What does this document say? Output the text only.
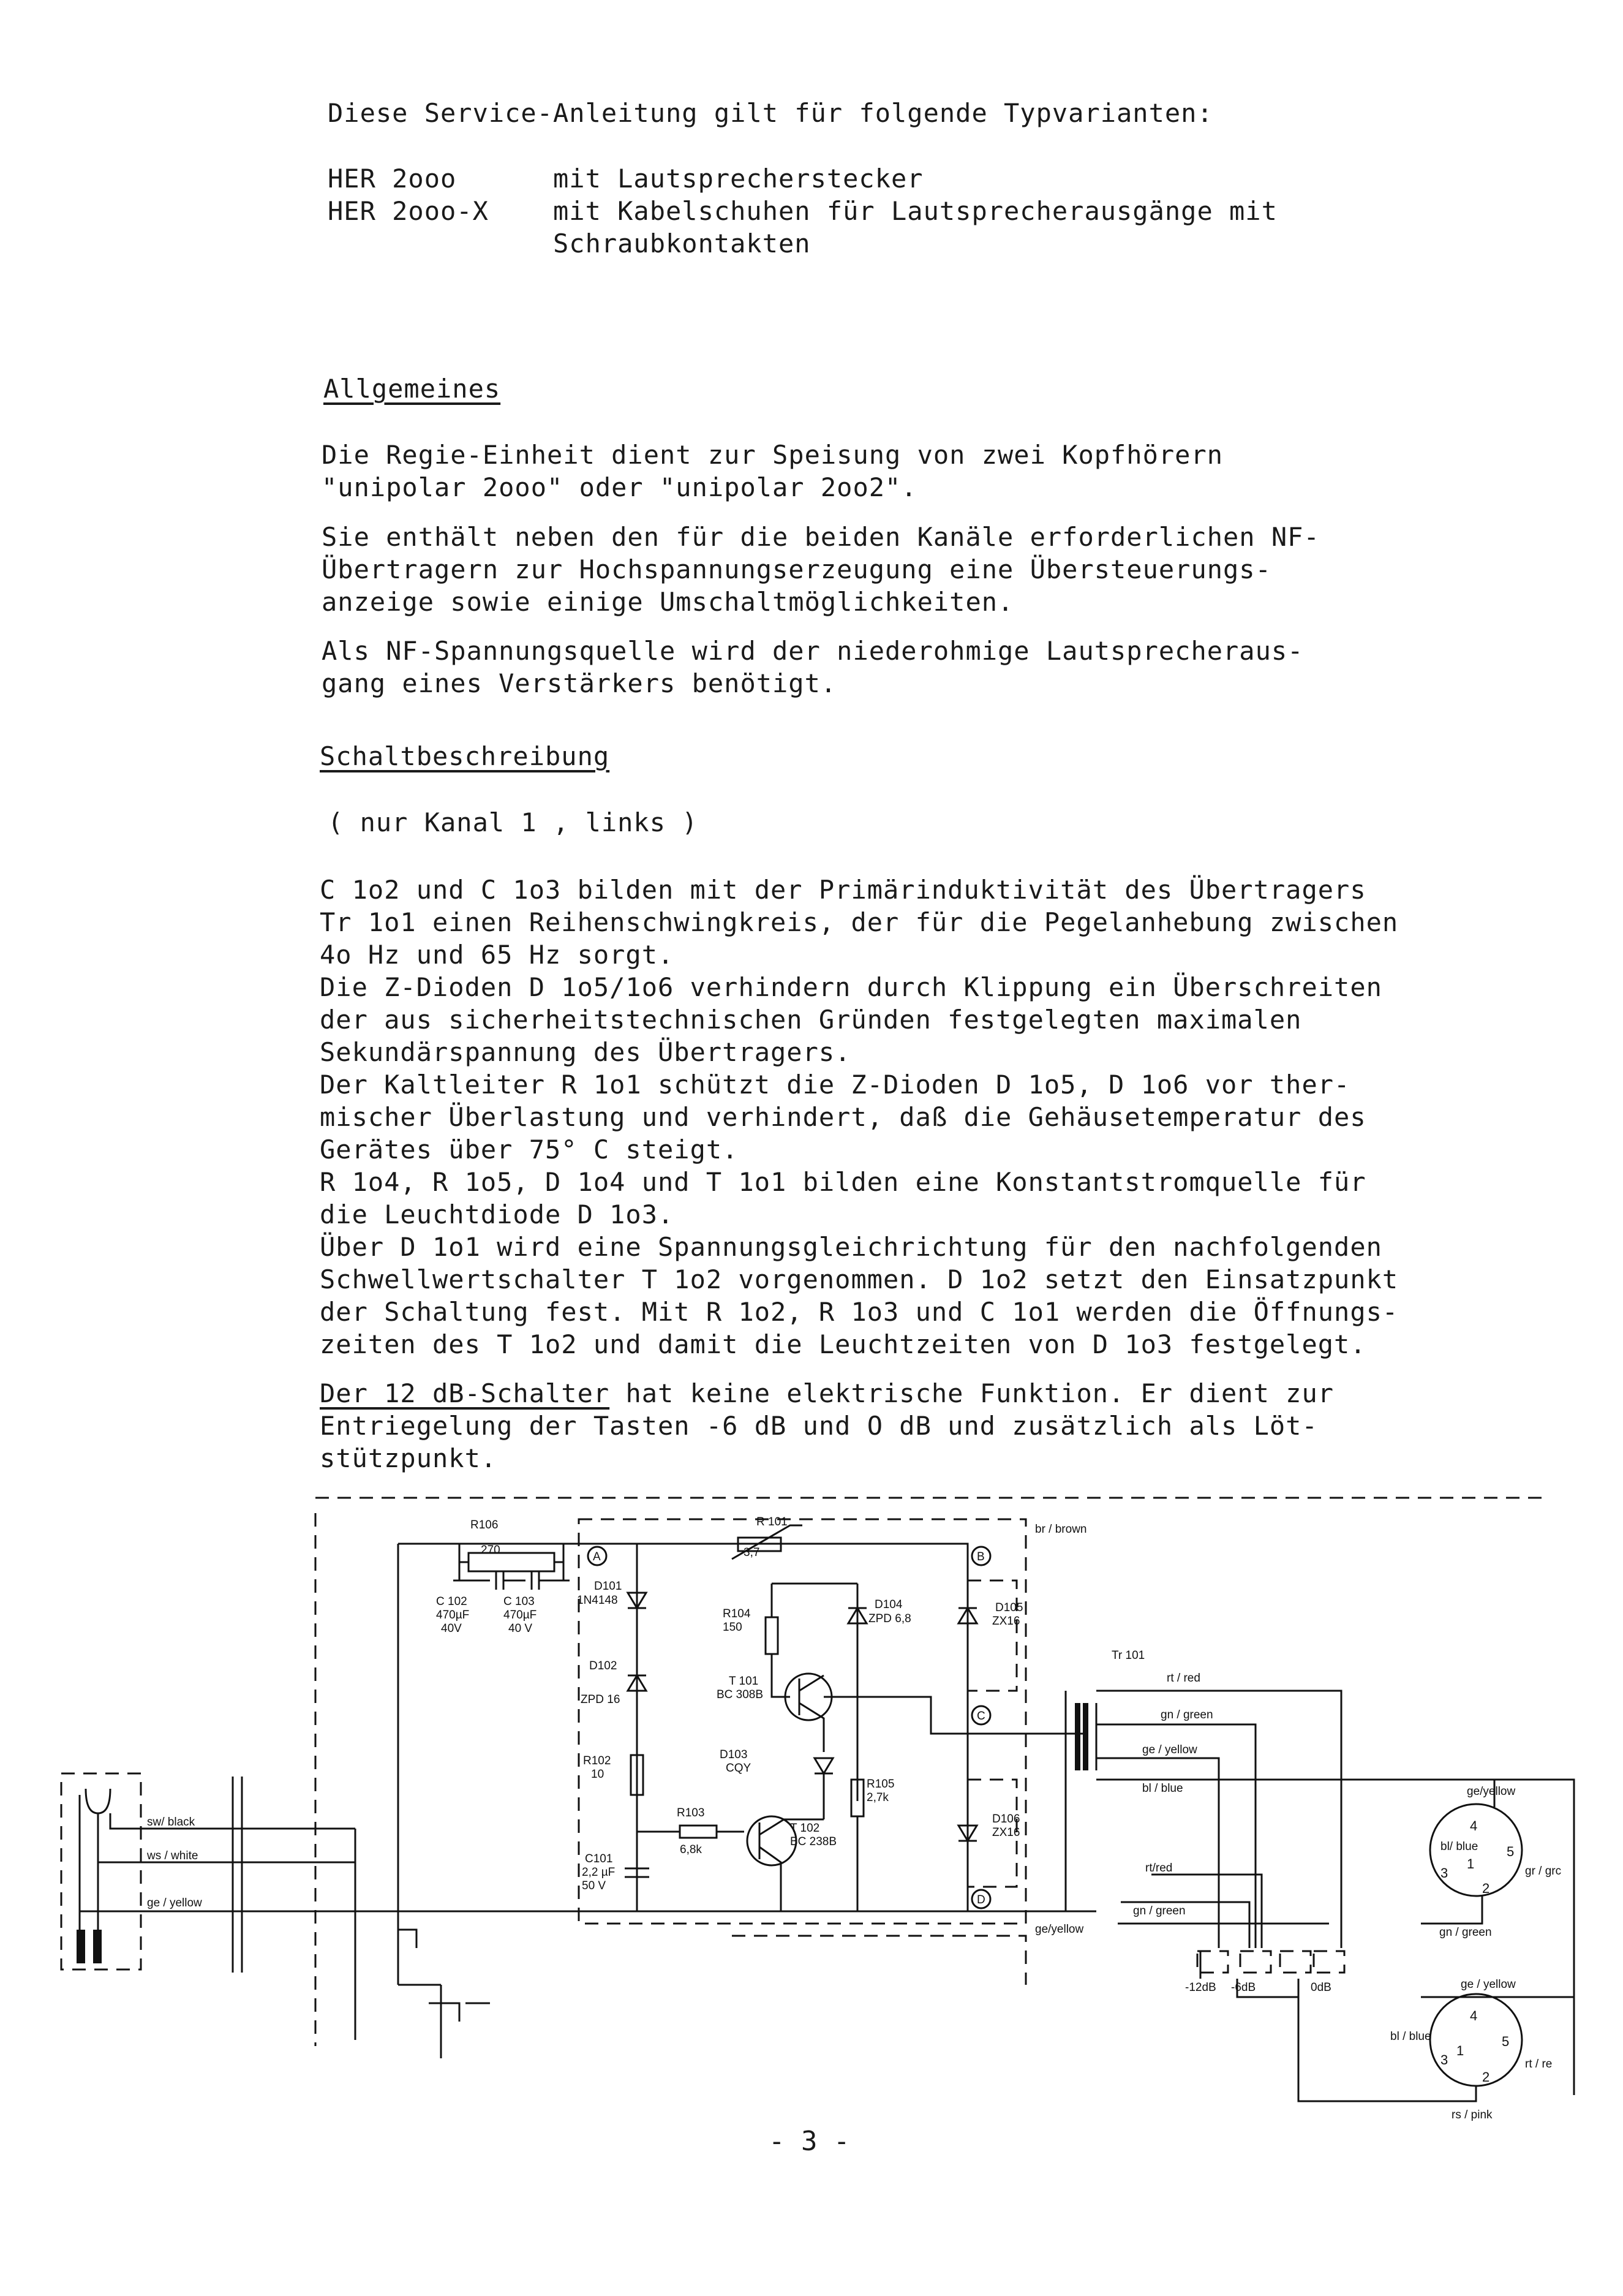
Diese Service-Anleitung gilt für folgende Typvarianten:
HER 2ooo	mit Lautsprecherstecker
HER 2ooo-X	mit Kabelschuhen für Lautsprecherausgänge mit
Schraubkontakten
Allgemeines
Die Regie-Einheit dient zur Speisung von zwei Kopfhörern
"unipolar 2ooo" oder "unipolar 2oo2".
Sie enthält neben den für die beiden Kanäle erforderlichen NF-
Übertragern zur Hochspannungserzeugung eine Übersteuerungs-
anzeige sowie einige Umschaltmöglichkeiten.
Als NF-Spannungsquelle wird der niederohmige Lautsprecheraus-
gang eines Verstärkers benötigt.
Schaltbeschreibung
( nur Kanal 1 , links )
C 1o2 und C 1o3 bilden mit der Primärinduktivität des Übertragers
Tr 1o1 einen Reihenschwingkreis, der für die Pegelanhebung zwischen
4o Hz und 65 Hz sorgt.
Die Z-Dioden D 1o5/1o6 verhindern durch Klippung ein Überschreiten
der aus sicherheitstechnischen Gründen festgelegten maximalen
Sekundärspannung des Übertragers.
Der Kaltleiter R 1o1 schützt die Z-Dioden D 1o5, D 1o6 vor ther-
mischer Überlastung und verhindert, daß die Gehäusetemperatur des
Gerätes über 75° C steigt.
R 1o4, R 1o5, D 1o4 und T 1o1 bilden eine Konstantstromquelle für
die Leuchtdiode D 1o3.
Über D 1o1 wird eine Spannungsgleichrichtung für den nachfolgenden
Schwellwertschalter T 1o2 vorgenommen. D 1o2 setzt den Einsatzpunkt
der Schaltung fest. Mit R 1o2, R 1o3 und C 1o1 werden die Öffnungs-
zeiten des T 1o2 und damit die Leuchtzeiten von D 1o3 festgelegt.
Der 12 dB-Schalter hat keine elektrische Funktion. Er dient zur
Entriegelung der Tasten -6 dB und O dB und zusätzlich als Löt-
stützpunkt.
R106
270
C 102
470µF
40V
C 103
470µF
40 V
R 101
3,7
D101
1N4148
D102
ZPD 16
R102
10
C101
2,2 µF
50 V
R104
150
T 101
BC 308B
D103
CQY
R103
6,8k
T 102
BC 238B
D104
ZPD 6,8
R105
2,7k
D105
ZX16
D106
ZX16
Tr 101
A	B
C
D
br / brown
rt / red
gn / green
ge / yellow
bl / blue
rt/red
gn / green
sw/ black
ws / white
ge / yellow
ge/yellow
-12dB -6dB	0dB
ge/yellow
bl/ blue
gr / grc
gn / green
ge / yellow
bl / blue
rt / re
rs / pink
4
5
3
1
2
4
5
3
1
2
- 3 -
